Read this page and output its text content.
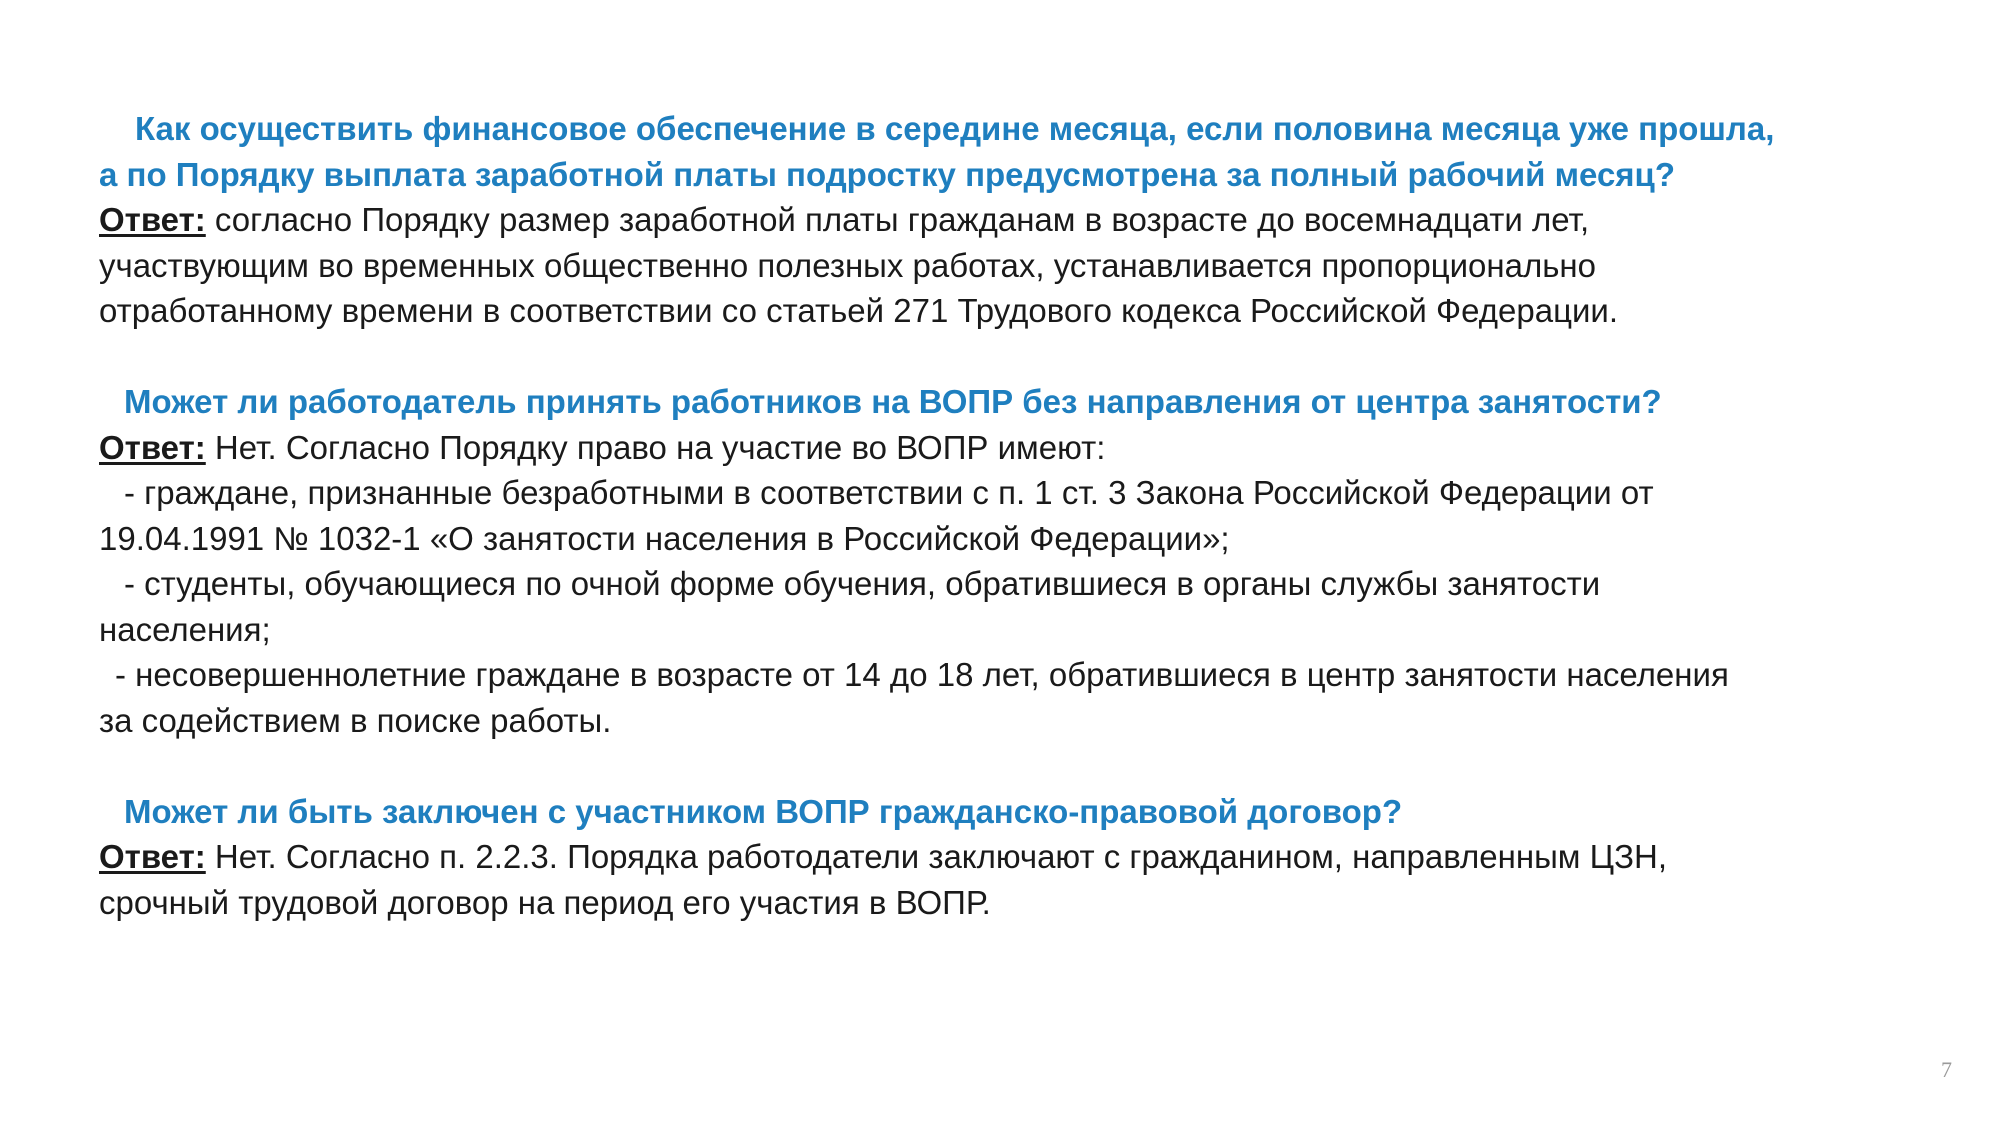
Как осуществить финансовое обеспечение в середине месяца, если половина месяца уже прошла,
а по Порядку выплата заработной платы подростку предусмотрена за полный рабочий месяц?

Ответ: согласно Порядку размер заработной платы гражданам в возрасте до восемнадцати лет,
участвующим во временных общественно полезных работах, устанавливается пропорционально
отработанному времени в соответствии со статьей 271 Трудового кодекса Российской Федерации.

Может ли работодатель принять работников на ВОПР без направления от центра занятости?

Ответ: Нет. Согласно Порядку право на участие во ВОПР имеют:
- граждане, признанные безработными в соответствии с п. 1 ст. 3 Закона Российской Федерации от
19.04.1991 № 1032-1 «О занятости населения в Российской Федерации»;
- студенты, обучающиеся по очной форме обучения, обратившиеся в органы службы занятости
населения;
- несовершеннолетние граждане в возрасте от 14 до 18 лет, обратившиеся в центр занятости населения
за содействием в поиске работы.

Может ли быть заключен с участником ВОПР гражданско-правовой договор?

Ответ: Нет. Согласно п. 2.2.3. Порядка работодатели заключают с гражданином, направленным ЦЗН,
срочный трудовой договор на период его участия в ВОПР.

7
